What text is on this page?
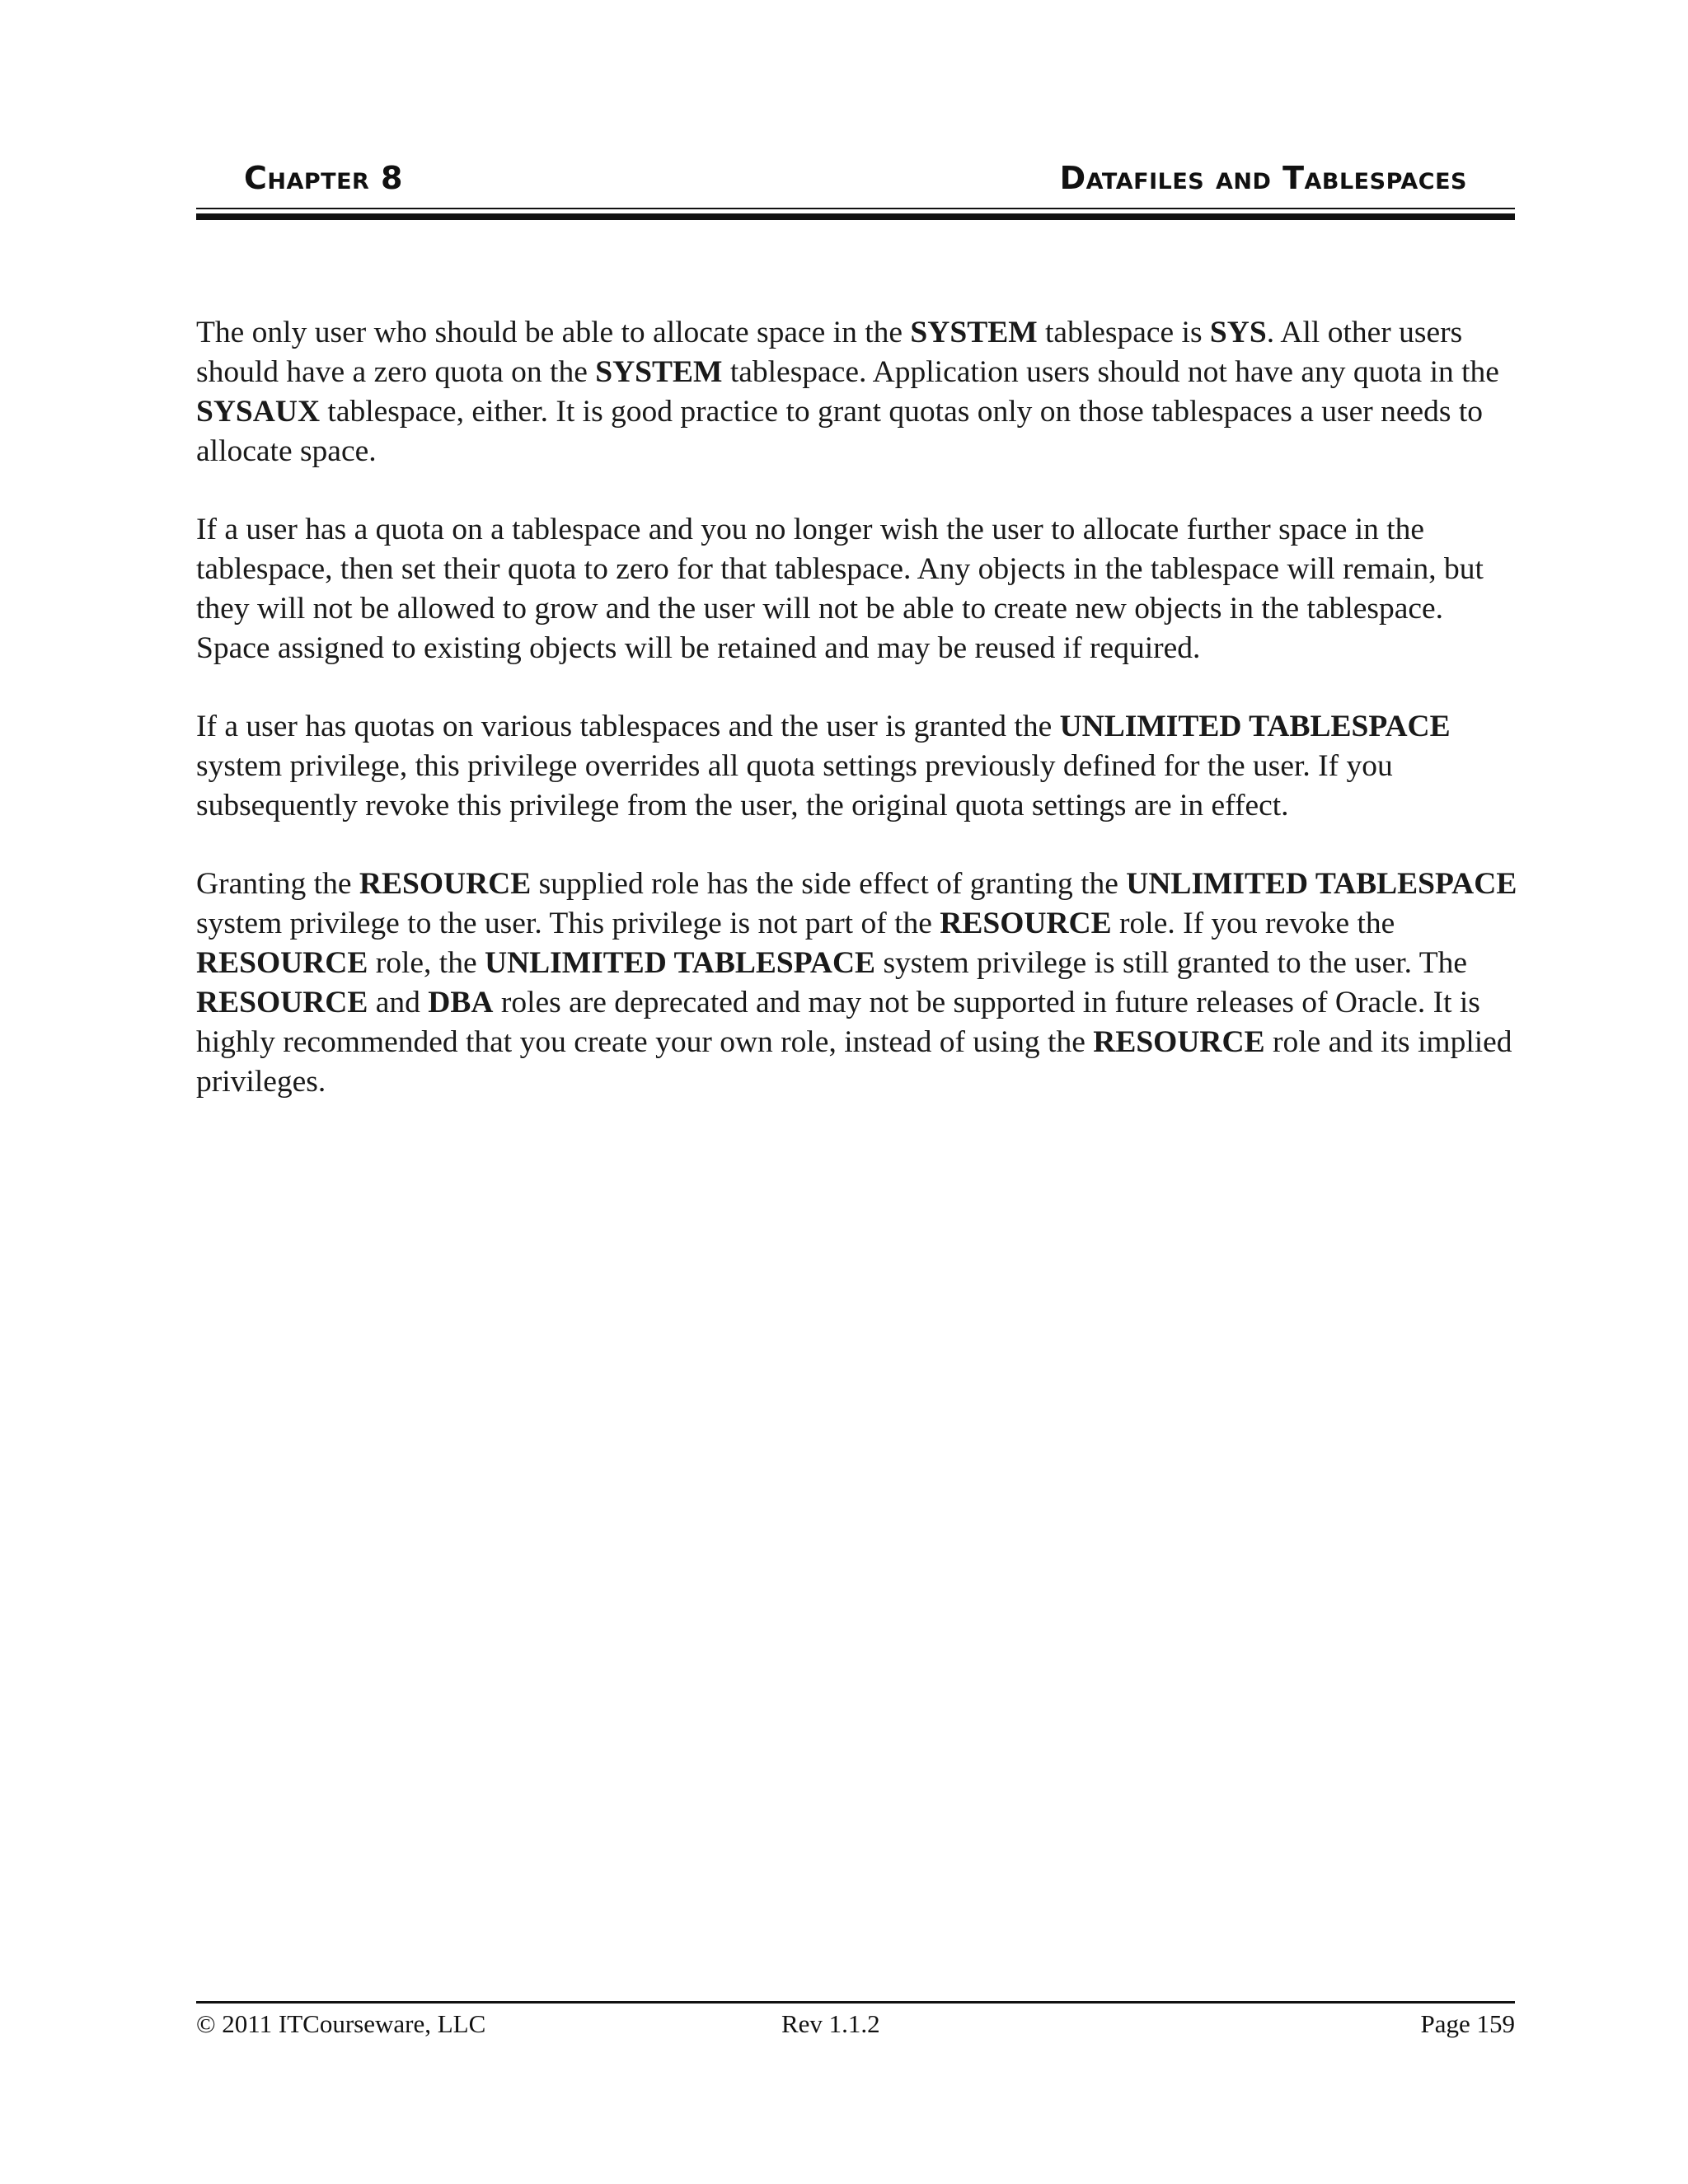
Chapter 8	Datafiles and Tablespaces

The only user who should be able to allocate space in the SYSTEM tablespace is SYS. All other users should have a zero quota on the SYSTEM tablespace. Application users should not have any quota in the SYSAUX tablespace, either. It is good practice to grant quotas only on those tablespaces a user needs to allocate space.

If a user has a quota on a tablespace and you no longer wish the user to allocate further space in the tablespace, then set their quota to zero for that tablespace. Any objects in the tablespace will remain, but they will not be allowed to grow and the user will not be able to create new objects in the tablespace. Space assigned to existing objects will be retained and may be reused if required.

If a user has quotas on various tablespaces and the user is granted the UNLIMITED TABLESPACE system privilege, this privilege overrides all quota settings previously defined for the user. If you subsequently revoke this privilege from the user, the original quota settings are in effect.

Granting the RESOURCE supplied role has the side effect of granting the UNLIMITED TABLESPACE system privilege to the user. This privilege is not part of the RESOURCE role. If you revoke the RESOURCE role, the UNLIMITED TABLESPACE system privilege is still granted to the user. The RESOURCE and DBA roles are deprecated and may not be supported in future releases of Oracle. It is highly recommended that you create your own role, instead of using the RESOURCE role and its implied privileges.

© 2011 ITCourseware, LLC	Rev 1.1.2	Page 159
